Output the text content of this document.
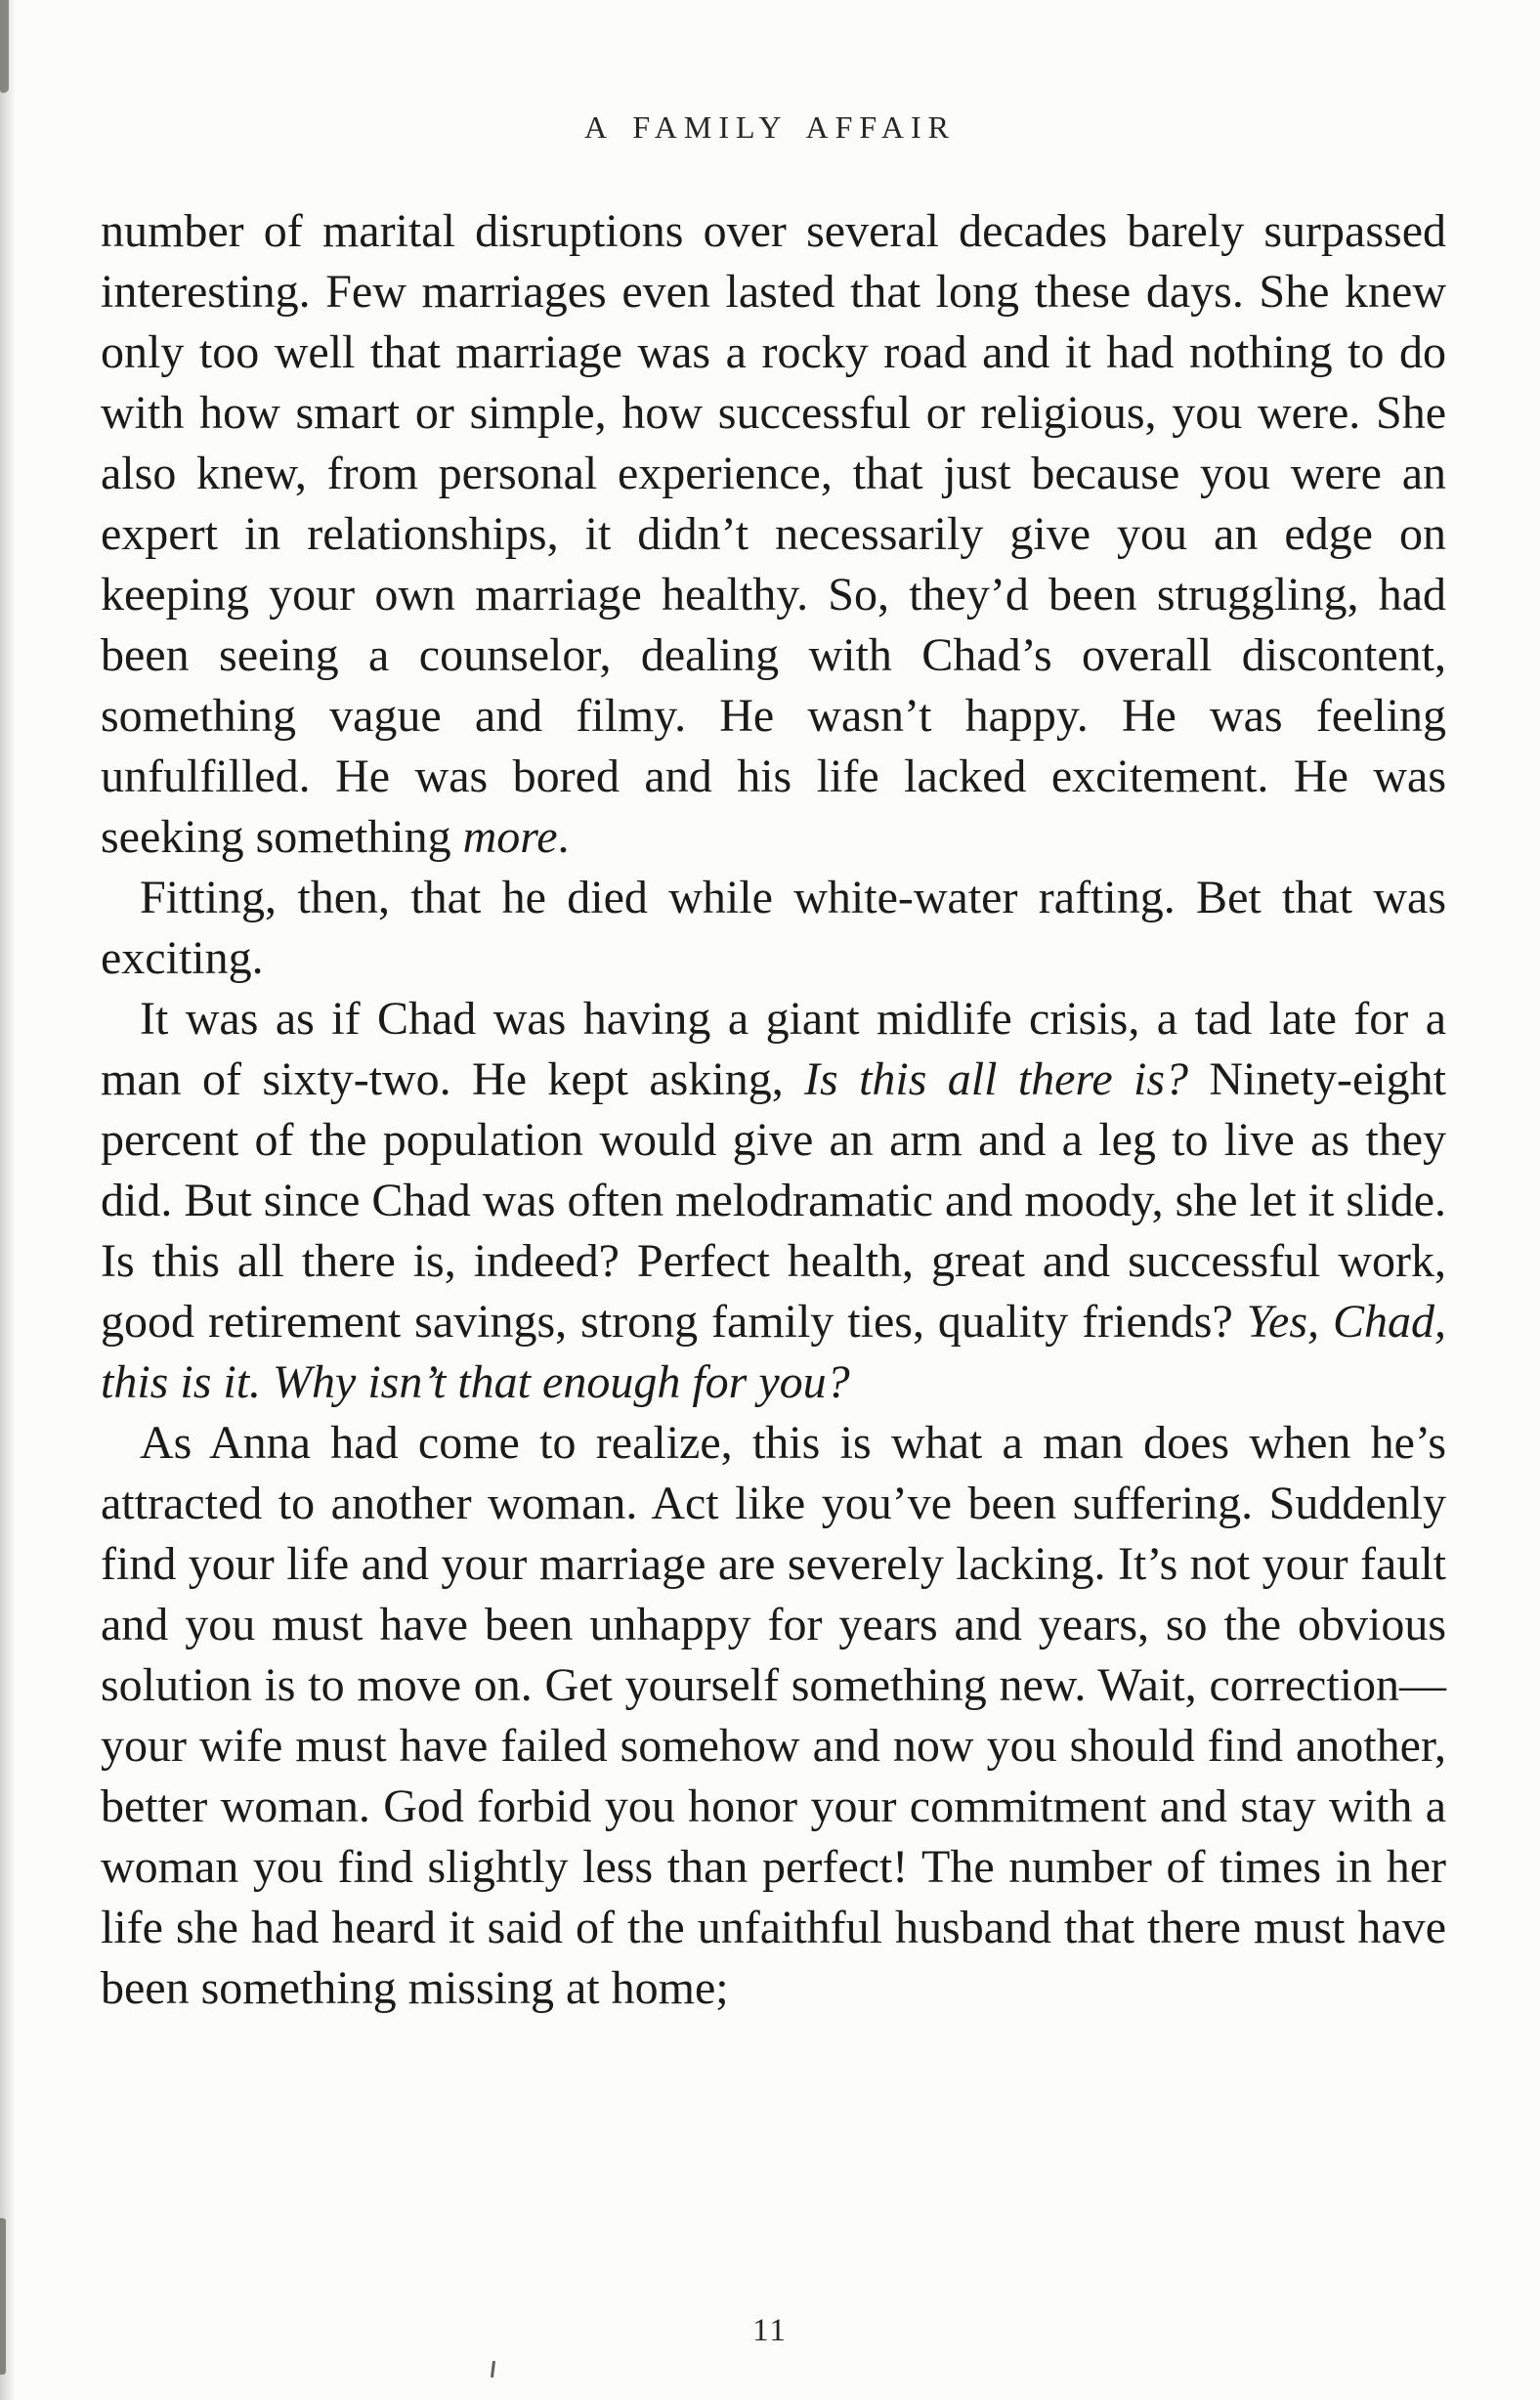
A FAMILY AFFAIR

number of marital disruptions over several decades barely surpassed interesting. Few marriages even lasted that long these days. She knew only too well that marriage was a rocky road and it had nothing to do with how smart or simple, how successful or religious, you were. She also knew, from personal experience, that just because you were an expert in relationships, it didn’t necessarily give you an edge on keeping your own marriage healthy. So, they’d been struggling, had been seeing a counselor, dealing with Chad’s overall discontent, something vague and filmy. He wasn’t happy. He was feeling unfulfilled. He was bored and his life lacked excitement. He was seeking something more.

Fitting, then, that he died while white-water rafting. Bet that was exciting.

It was as if Chad was having a giant midlife crisis, a tad late for a man of sixty-two. He kept asking, Is this all there is? Ninety-eight percent of the population would give an arm and a leg to live as they did. But since Chad was often melodramatic and moody, she let it slide. Is this all there is, indeed? Perfect health, great and successful work, good retirement savings, strong family ties, quality friends? Yes, Chad, this is it. Why isn’t that enough for you?

As Anna had come to realize, this is what a man does when he’s attracted to another woman. Act like you’ve been suffering. Suddenly find your life and your marriage are severely lacking. It’s not your fault and you must have been unhappy for years and years, so the obvious solution is to move on. Get yourself something new. Wait, correction—your wife must have failed somehow and now you should find another, better woman. God forbid you honor your commitment and stay with a woman you find slightly less than perfect! The number of times in her life she had heard it said of the unfaithful husband that there must have been something missing at home;

11
